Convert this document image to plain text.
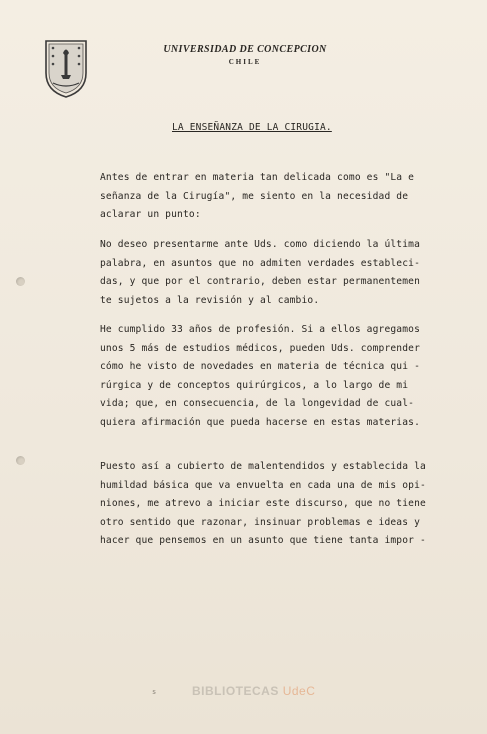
UNIVERSIDAD DE CONCEPCION
CHILE
LA ENSEÑANZA DE LA CIRUGIA.
Antes de entrar en materia tan delicada como es "La e
señanza de la Cirugía", me siento en la necesidad de
aclarar un punto:
No deseo presentarme ante Uds. como diciendo la última
palabra, en asuntos que no admiten verdades estableci-
das, y que por el contrario, deben estar permanentemen
te sujetos a la revisión y al cambio.
He cumplido 33 años de profesión. Si a ellos agregamos
unos 5 más de estudios médicos, pueden Uds. comprender
cómo he visto de novedades en materia de técnica qui -
rúrgica y de conceptos quirúrgicos, a lo largo de mi
vida; que, en consecuencia, de la longevidad de cual-
quiera afirmación que pueda hacerse en estas materias.
Puesto así a cubierto de malentendidos y establecida la
humildad básica que va envuelta en cada una de mis opi-
niones, me atrevo a iniciar este discurso, que no tiene
otro sentido que razonar, insinuar problemas e ideas y
hacer que pensemos en un asunto que tiene tanta impor -
s	BIBLIOTECAS UdeC
